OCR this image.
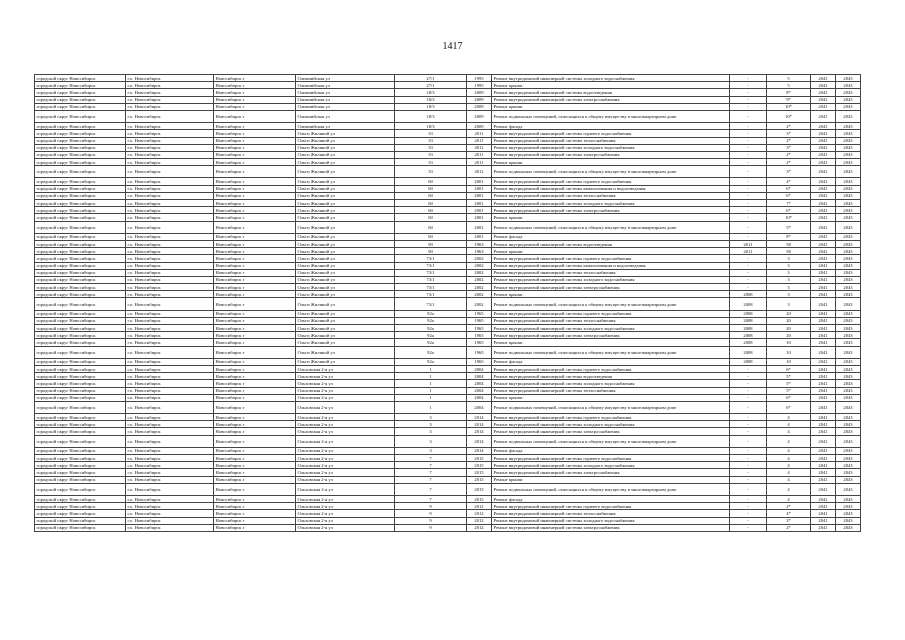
1417
городской округ Новосибирск	г.о. Новосибирск	Новосибирск г	Олимпийская ул	27/1	1995	Ремонт внутридомовой инженерной системы холодного водоснабжения	-	5	2041	2043
городской округ Новосибирск	г.о. Новосибирск	Новосибирск г	Олимпийская ул	27/1	1995	Ремонт крыши	-	5	2041	2043
городской округ Новосибирск	г.о. Новосибирск	Новосибирск г	Олимпийская ул	18/3	2009	Ремонт внутридомовой инженерной системы водоотведения	-	8*	2041	2043
городской округ Новосибирск	г.о. Новосибирск	Новосибирск г	Олимпийская ул	18/3	2009	Ремонт внутридомовой инженерной системы электроснабжения	-	9*	2041	2043
городской округ Новосибирск	г.о. Новосибирск	Новосибирск г	Олимпийская ул	18/3	2009	Ремонт крыши	-	10*	2041	2043
городской округ Новосибирск	г.о. Новосибирск	Новосибирск г	Олимпийская ул	18/3	2009	Ремонт подвальных помещений, относящихся к общему имуществу в многоквартирном доме	-	10*	2041	2043
городской округ Новосибирск	г.о. Новосибирск	Новосибирск г	Олимпийская ул	18/3	2009	Ремонт фасада	-	2*	2041	2043
городской округ Новосибирск	г.о. Новосибирск	Новосибирск г	Ольги Жилиной ул	33	2011	Ремонт внутридомовой инженерной системы горячего водоснабжения	-	3*	2041	2043
городской округ Новосибирск	г.о. Новосибирск	Новосибирск г	Ольги Жилиной ул	33	2011	Ремонт внутридомовой инженерной системы теплоснабжения	-	2*	2041	2043
городской округ Новосибирск	г.о. Новосибирск	Новосибирск г	Ольги Жилиной ул	33	2011	Ремонт внутридомовой инженерной системы холодного водоснабжения	-	3*	2041	2043
городской округ Новосибирск	г.о. Новосибирск	Новосибирск г	Ольги Жилиной ул	33	2011	Ремонт внутридомовой инженерной системы электроснабжения	-	2*	2041	2043
городской округ Новосибирск	г.о. Новосибирск	Новосибирск г	Ольги Жилиной ул	33	2011	Ремонт крыши	-	2*	2041	2043
городской округ Новосибирск	г.о. Новосибирск	Новосибирск г	Ольги Жилиной ул	33	2011	Ремонт подвальных помещений, относящихся к общему имуществу в многоквартирном доме	-	3*	2041	2043
городской округ Новосибирск	г.о. Новосибирск	Новосибирск г	Ольги Жилиной ул	60	2001	Ремонт внутридомовой инженерной системы горячего водоснабжения	-	4*	2041	2043
городской округ Новосибирск	г.о. Новосибирск	Новосибирск г	Ольги Жилиной ул	60	2001	Ремонт внутридомовой инженерной системы канализования и водоотведения	-	6*	2041	2043
городской округ Новосибирск	г.о. Новосибирск	Новосибирск г	Ольги Жилиной ул	60	2001	Ремонт внутридомовой инженерной системы теплоснабжения	-	6*	2041	2043
городской округ Новосибирск	г.о. Новосибирск	Новосибирск г	Ольги Жилиной ул	60	2001	Ремонт внутридомовой инженерной системы холодного водоснабжения	-	7*	2041	2043
городской округ Новосибирск	г.о. Новосибирск	Новосибирск г	Ольги Жилиной ул	60	2001	Ремонт внутридомовой инженерной системы электроснабжения	-	6*	2041	2043
городской округ Новосибирск	г.о. Новосибирск	Новосибирск г	Ольги Жилиной ул	60	2001	Ремонт крыши	-	10*	2041	2043
городской округ Новосибирск	г.о. Новосибирск	Новосибирск г	Ольги Жилиной ул	60	2001	Ремонт подвальных помещений, относящихся к общему имуществу в многоквартирном доме	-	5*	2041	2043
городской округ Новосибирск	г.о. Новосибирск	Новосибирск г	Ольги Жилиной ул	60	2001	Ремонт фасада	-	8*	2041	2043
городской округ Новосибирск	г.о. Новосибирск	Новосибирск г	Ольги Жилиной ул	90	1963	Ремонт внутридомовой инженерной системы водоотведения	2011	58	2041	2043
городской округ Новосибирск	г.о. Новосибирск	Новосибирск г	Ольги Жилиной ул	90	1963	Ремонт крыши	2011	58	2041	2043
городской округ Новосибирск	г.о. Новосибирск	Новосибирск г	Ольги Жилиной ул	73/1	2002	Ремонт внутридомовой инженерной системы горячего водоснабжения	-	3	2041	2043
городской округ Новосибирск	г.о. Новосибирск	Новосибирск г	Ольги Жилиной ул	73/1	2002	Ремонт внутридомовой инженерной системы канализования и водоотведения	-	3	2041	2043
городской округ Новосибирск	г.о. Новосибирск	Новосибирск г	Ольги Жилиной ул	73/1	2002	Ремонт внутридомовой инженерной системы теплоснабжения	-	3	2041	2043
городской округ Новосибирск	г.о. Новосибирск	Новосибирск г	Ольги Жилиной ул	73/1	2002	Ремонт внутридомовой инженерной системы холодного водоснабжения	-	3	2041	2043
городской округ Новосибирск	г.о. Новосибирск	Новосибирск г	Ольги Жилиной ул	73/1	2002	Ремонт внутридомовой инженерной системы электроснабжения	-	3	2041	2043
городской округ Новосибирск	г.о. Новосибирск	Новосибирск г	Ольги Жилиной ул	73/1	2002	Ремонт крыши	2008	3	2041	2043
городской округ Новосибирск	г.о. Новосибирск	Новосибирск г	Ольги Жилиной ул	73/1	2002	Ремонт подвальных помещений, относящихся к общему имуществу в многоквартирном доме	2008	3	2041	2043
городской округ Новосибирск	г.о. Новосибирск	Новосибирск г	Ольги Жилиной ул	92а	1965	Ремонт внутридомовой инженерной системы горячего водоснабжения	2008	20	2041	2043
городской округ Новосибирск	г.о. Новосибирск	Новосибирск г	Ольги Жилиной ул	92а	1965	Ремонт внутридомовой инженерной системы теплоснабжения	2008	20	2041	2043
городской округ Новосибирск	г.о. Новосибирск	Новосибирск г	Ольги Жилиной ул	92а	1965	Ремонт внутридомовой инженерной системы холодного водоснабжения	2008	20	2041	2043
городской округ Новосибирск	г.о. Новосибирск	Новосибирск г	Ольги Жилиной ул	92а	1965	Ремонт внутридомовой инженерной системы электроснабжения	2008	20	2041	2043
городской округ Новосибирск	г.о. Новосибирск	Новосибирск г	Ольги Жилиной ул	92а	1965	Ремонт крыши	2008	10	2041	2043
городской округ Новосибирск	г.о. Новосибирск	Новосибирск г	Ольги Жилиной ул	92а	1965	Ремонт подвальных помещений, относящихся к общему имуществу в многоквартирном доме	2008	10	2041	2043
городской округ Новосибирск	г.о. Новосибирск	Новосибирск г	Ольги Жилиной ул	92а	1965	Ремонт фасада	2008	10	2041	2043
городской округ Новосибирск	г.о. Новосибирск	Новосибирск г	Ольховская 2-я ул	1	2004	Ремонт внутридомовой инженерной системы горячего водоснабжения	-	6*	2041	2043
городской округ Новосибирск	г.о. Новосибирск	Новосибирск г	Ольховская 2-я ул	1	2004	Ремонт внутридомовой инженерной системы водоотведения	-	5*	2041	2043
городской округ Новосибирск	г.о. Новосибирск	Новосибирск г	Ольховская 2-я ул	1	2004	Ремонт внутридомовой инженерной системы холодного водоснабжения	-	5*	2041	2043
городской округ Новосибирск	г.о. Новосибирск	Новосибирск г	Ольховская 2-я ул	1	2004	Ремонт внутридомовой инженерной системы теплоснабжения	-	5*	2041	2043
городской округ Новосибирск	г.о. Новосибирск	Новосибирск г	Ольховская 2-я ул	1	2004	Ремонт крыши	-	6*	2041	2043
городской округ Новосибирск	г.о. Новосибирск	Новосибирск г	Ольховская 2-я ул	1	2004	Ремонт подвальных помещений, относящихся к общему имуществу в многоквартирном доме	-	6*	2041	2043
городской округ Новосибирск	г.о. Новосибирск	Новосибирск г	Ольховская 2-я ул	3	2014	Ремонт внутридомовой инженерной системы горячего водоснабжения	-	4	2041	2043
городской округ Новосибирск	г.о. Новосибирск	Новосибирск г	Ольховская 2-я ул	3	2014	Ремонт внутридомовой инженерной системы холодного водоснабжения	-	4	2041	2043
городской округ Новосибирск	г.о. Новосибирск	Новосибирск г	Ольховская 2-я ул	3	2014	Ремонт внутридомовой инженерной системы электроснабжения	-	4	2041	2043
городской округ Новосибирск	г.о. Новосибирск	Новосибирск г	Ольховская 2-я ул	3	2014	Ремонт подвальных помещений, относящихся к общему имуществу в многоквартирном доме	-	4	2041	2043
городской округ Новосибирск	г.о. Новосибирск	Новосибирск г	Ольховская 2-я ул	3	2014	Ремонт фасада	-	4	2041	2043
городской округ Новосибирск	г.о. Новосибирск	Новосибирск г	Ольховская 2-я ул	7	2015	Ремонт внутридомовой инженерной системы горячего водоснабжения	-	4	2041	2043
городской округ Новосибирск	г.о. Новосибирск	Новосибирск г	Ольховская 2-я ул	7	2015	Ремонт внутридомовой инженерной системы холодного водоснабжения	-	4	2041	2043
городской округ Новосибирск	г.о. Новосибирск	Новосибирск г	Ольховская 2-я ул	7	2015	Ремонт внутридомовой инженерной системы электроснабжения	-	4	2041	2043
городской округ Новосибирск	г.о. Новосибирск	Новосибирск г	Ольховская 2-я ул	7	2015	Ремонт крыши	-	4	2041	2043
городской округ Новосибирск	г.о. Новосибирск	Новосибирск г	Ольховская 2-я ул	7	2015	Ремонт подвальных помещений, относящихся к общему имуществу в многоквартирном доме	-	4	2041	2043
городской округ Новосибирск	г.о. Новосибирск	Новосибирск г	Ольховская 2-я ул	7	2015	Ремонт фасада	-	4	2041	2043
городской округ Новосибирск	г.о. Новосибирск	Новосибирск г	Ольховская 2-я ул	9	2012	Ремонт внутридомовой инженерной системы горячего водоснабжения	-	2*	2041	2043
городской округ Новосибирск	г.о. Новосибирск	Новосибирск г	Ольховская 2-я ул	9	2012	Ремонт внутридомовой инженерной системы теплоснабжения	-	4*	2041	2043
городской округ Новосибирск	г.о. Новосибирск	Новосибирск г	Ольховская 2-я ул	9	2012	Ремонт внутридомовой инженерной системы холодного водоснабжения	-	3*	2041	2043
городской округ Новосибирск	г.о. Новосибирск	Новосибирск г	Ольховская 2-я ул	9	2012	Ремонт внутридомовой инженерной системы электроснабжения	-	2*	2041	2043
